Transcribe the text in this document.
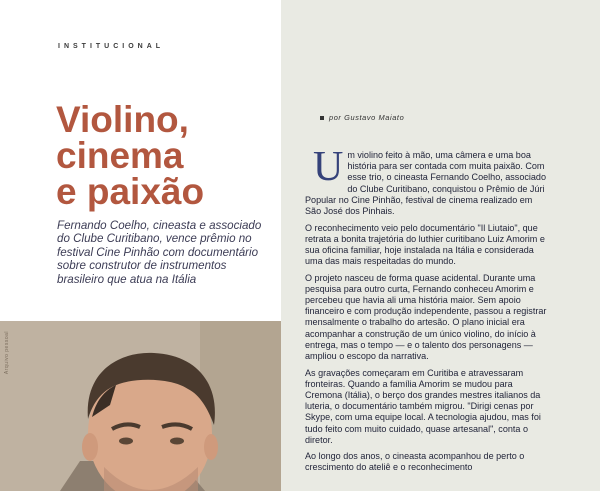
INSTITUCIONAL
Violino,
cinema
e paixão
Fernando Coelho, cineasta e associado do Clube Curitibano, vence prêmio no festival Cine Pinhão com documentário sobre construtor de instrumentos brasileiro que atua na Itália
Arquivo pessoal
por Gustavo Maiato

Um violino feito à mão, uma câmera e uma boa história para ser contada com muita paixão. Com esse trio, o cineasta Fernando Coelho, associado do Clube Curitibano, conquistou o Prêmio de Júri Popular no Cine Pinhão, festival de cinema realizado em São José dos Pinhais.

O reconhecimento veio pelo documentário "Il Liutaio", que retrata a bonita trajetória do luthier curitibano Luiz Amorim e sua oficina familiar, hoje instalada na Itália e considerada uma das mais respeitadas do mundo.

O projeto nasceu de forma quase acidental. Durante uma pesquisa para outro curta, Fernando conheceu Amorim e percebeu que havia ali uma história maior. Sem apoio financeiro e com produção independente, passou a registrar mensalmente o trabalho do artesão. O plano inicial era acompanhar a construção de um único violino, do início à entrega, mas o tempo — e o talento dos personagens — ampliou o escopo da narrativa.

As gravações começaram em Curitiba e atravessaram fronteiras. Quando a família Amorim se mudou para Cremona (Itália), o berço dos grandes mestres italianos da luteria, o documentário também migrou. "Dirigi cenas por Skype, com uma equipe local. A tecnologia ajudou, mas foi tudo feito com muito cuidado, quase artesanal", conta o diretor.

Ao longo dos anos, o cineasta acompanhou de perto o crescimento do ateliê e o reconhecimento
